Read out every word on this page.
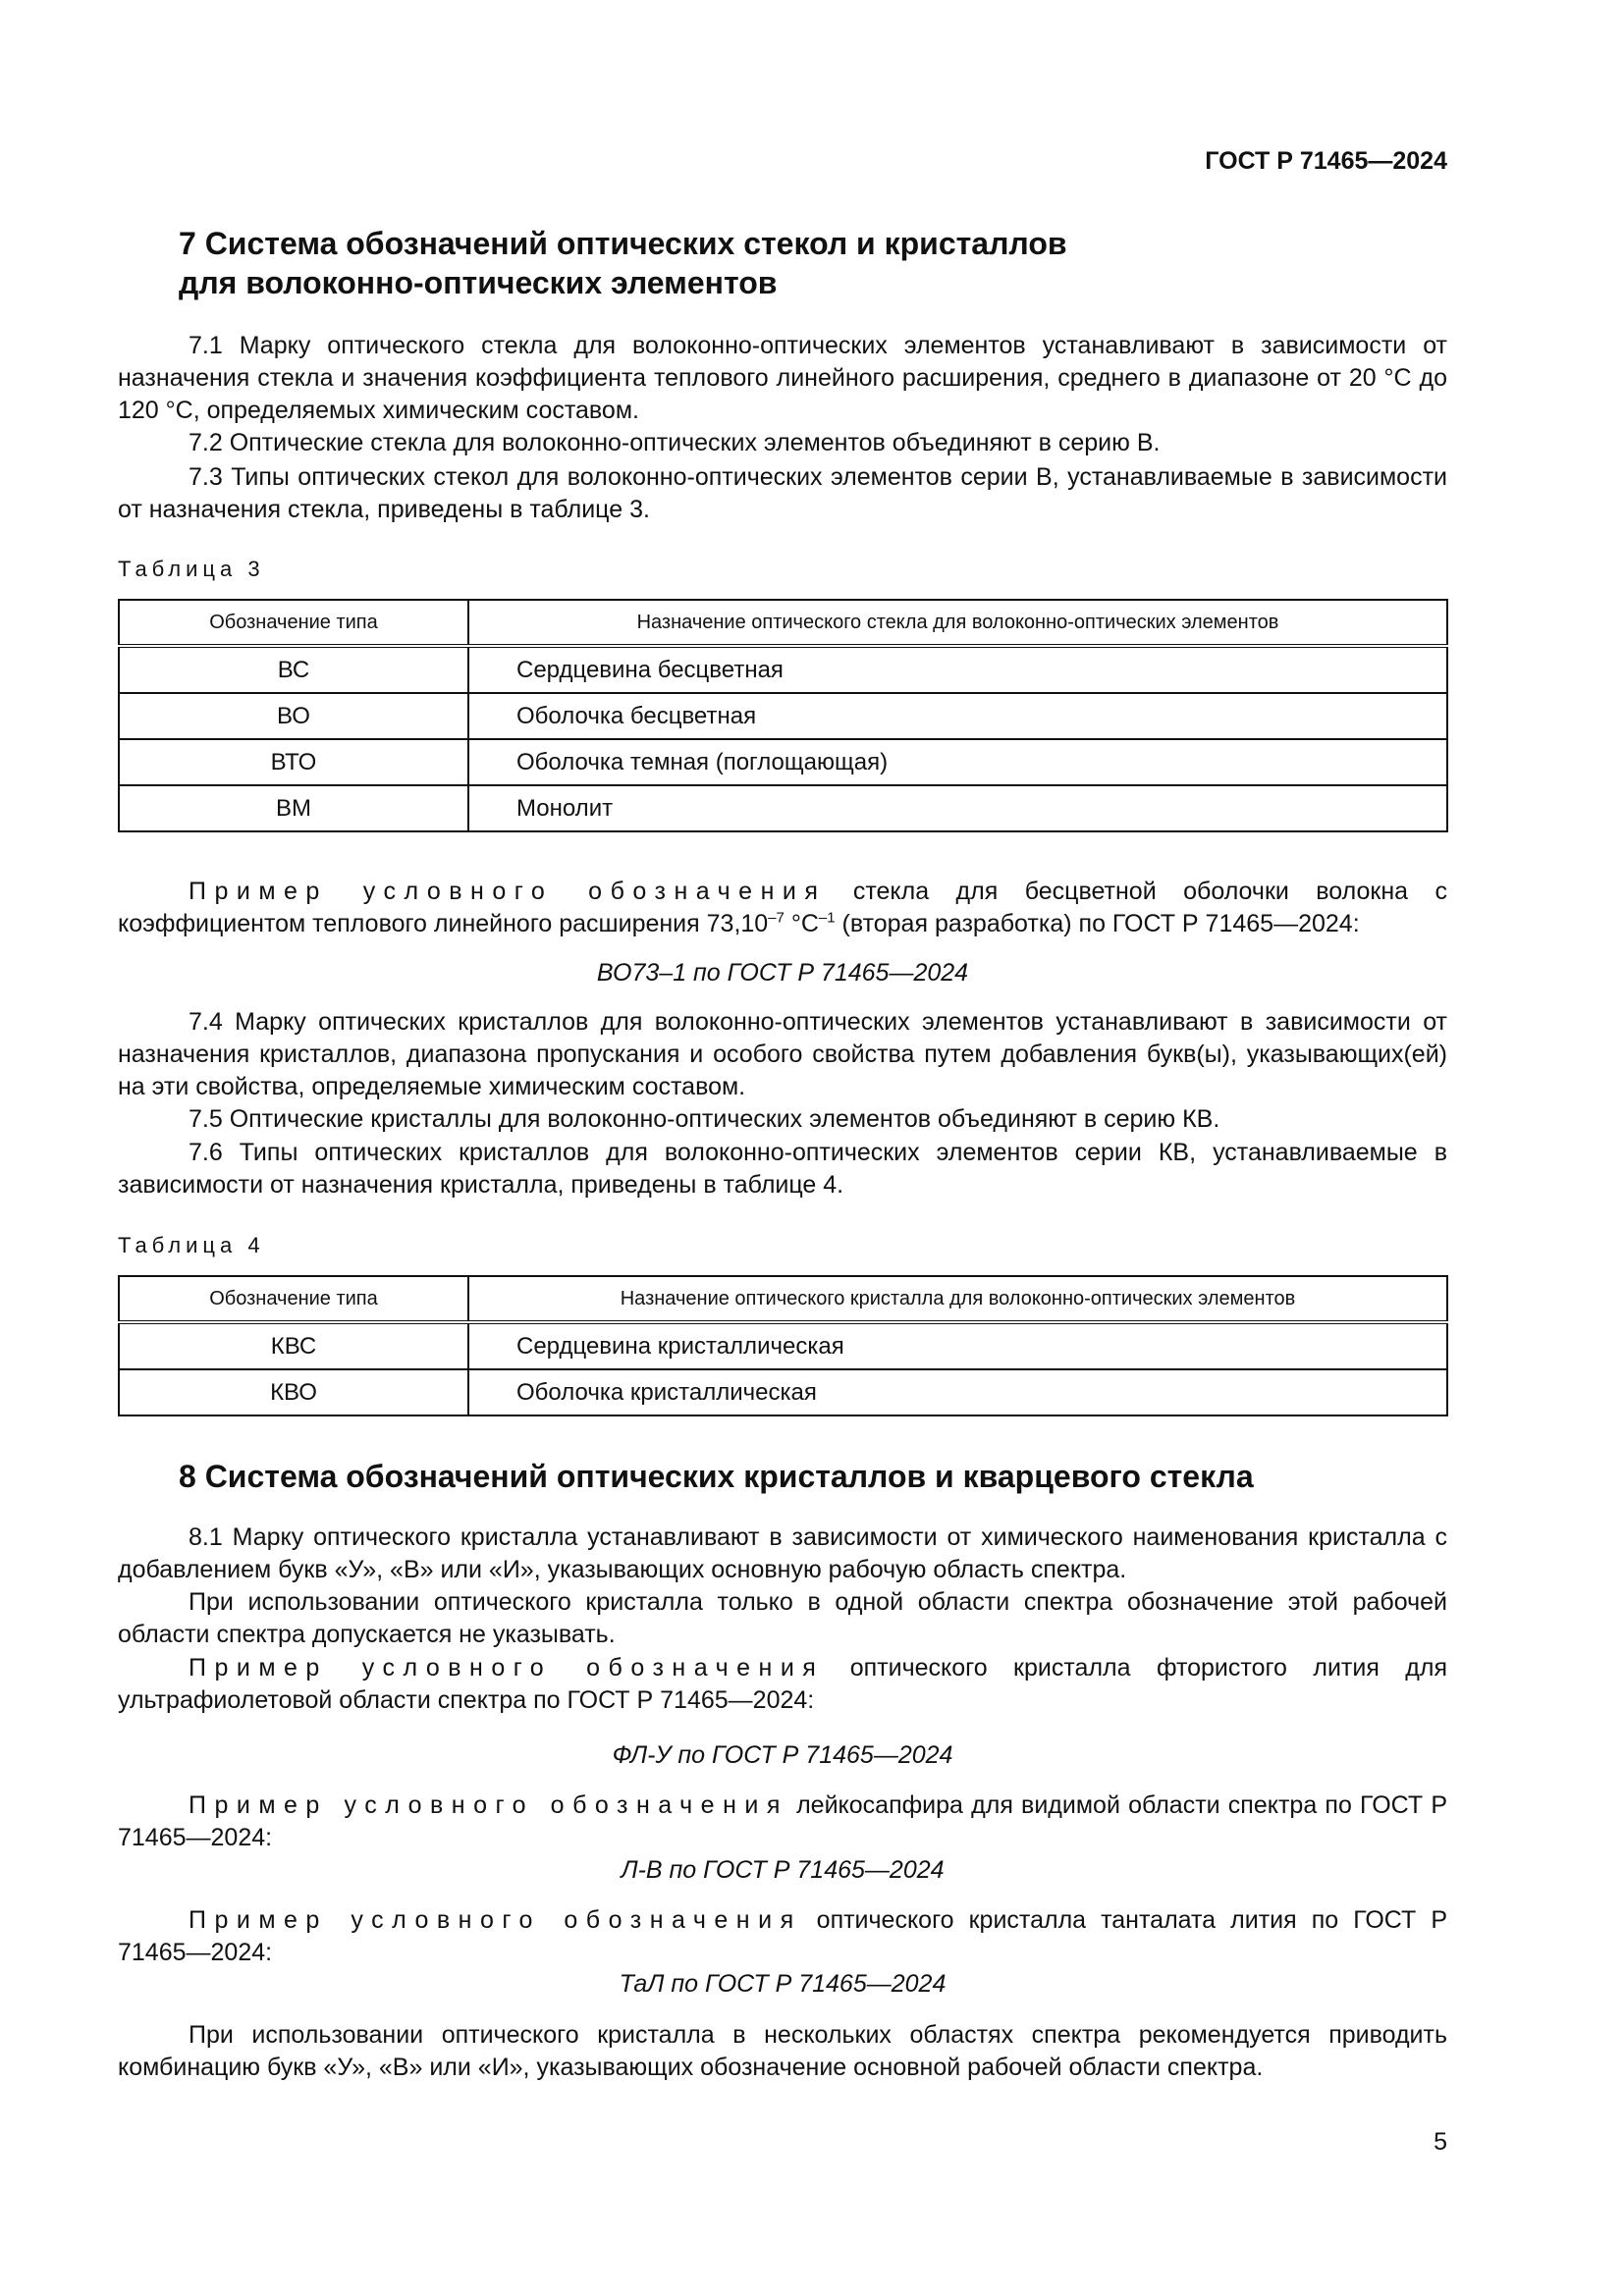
ГОСТ Р 71465—2024
7 Система обозначений оптических стекол и кристаллов
для волоконно-оптических элементов

7.1 Марку оптического стекла для волоконно-оптических элементов устанавливают в зависимости от назначения стекла и значения коэффициента теплового линейного расширения, среднего в диапазоне от 20 °С до 120 °С, определяемых химическим составом.

7.2 Оптические стекла для волоконно-оптических элементов объединяют в серию В.

7.3 Типы оптических стекол для волоконно-оптических элементов серии В, устанавливаемые в зависимости от назначения стекла, приведены в таблице 3.

Таблица 3

Обозначение типа	Назначение оптического стекла для волоконно-оптических элементов
ВС	Сердцевина бесцветная
ВО	Оболочка бесцветная
ВТО	Оболочка темная (поглощающая)
ВМ	Монолит

Пример условного обозначения стекла для бесцветной оболочки волокна с коэффициентом теплового линейного расширения $73,10^{-7}$ $^\circ С^{-1}$ (вторая разработка) по ГОСТ Р 71465—2024:

ВО73–1 по ГОСТ Р 71465—2024

7.4 Марку оптических кристаллов для волоконно-оптических элементов устанавливают в зависимости от назначения кристаллов, диапазона пропускания и особого свойства путем добавления букв(ы), указывающих(ей) на эти свойства, определяемые химическим составом.

7.5 Оптические кристаллы для волоконно-оптических элементов объединяют в серию КВ.

7.6 Типы оптических кристаллов для волоконно-оптических элементов серии КВ, устанавливаемые в зависимости от назначения кристалла, приведены в таблице 4.

Таблица 4

Обозначение типа	Назначение оптического кристалла для волоконно-оптических элементов
КВС	Сердцевина кристаллическая
КВО	Оболочка кристаллическая
8 Система обозначений оптических кристаллов и кварцевого стекла

8.1 Марку оптического кристалла устанавливают в зависимости от химического наименования кристалла с добавлением букв «У», «В» или «И», указывающих основную рабочую область спектра.

При использовании оптического кристалла только в одной области спектра обозначение этой рабочей области спектра допускается не указывать.

Пример условного обозначения оптического кристалла фтористого лития для ультрафиолетовой области спектра по ГОСТ Р 71465—2024:

ФЛ-У по ГОСТ Р 71465—2024

Пример условного обозначения лейкосапфира для видимой области спектра по ГОСТ Р 71465—2024:

Л-В по ГОСТ Р 71465—2024

Пример условного обозначения оптического кристалла танталата лития по ГОСТ Р 71465—2024:

ТаЛ по ГОСТ Р 71465—2024

При использовании оптического кристалла в нескольких областях спектра рекомендуется приводить комбинацию букв «У», «В» или «И», указывающих обозначение основной рабочей области спектра.

5
